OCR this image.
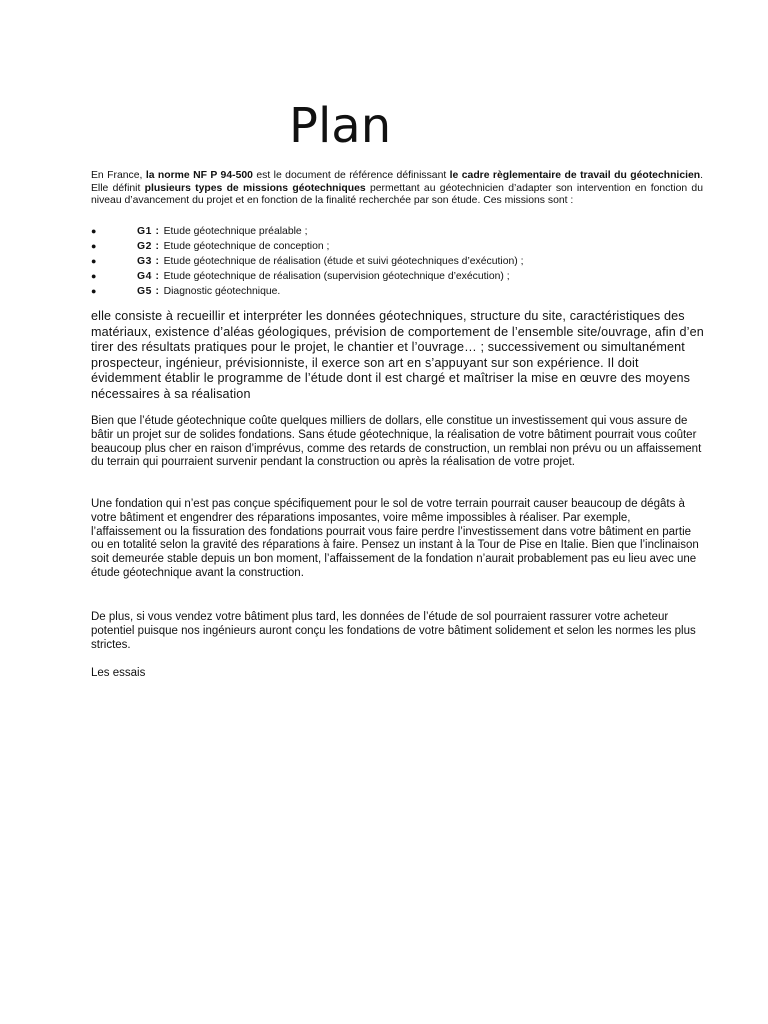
Plan
En France, la norme NF P 94-500 est le document de référence définissant le cadre règlementaire de travail du géotechnicien. Elle définit plusieurs types de missions géotechniques permettant au géotechnicien d’adapter son intervention en fonction du niveau d’avancement du projet et en fonction de la finalité recherchée par son étude. Ces missions sont :
●	G1 : Etude géotechnique préalable ;
●	G2 : Etude géotechnique de conception ;
●	G3 : Etude géotechnique de réalisation (étude et suivi géotechniques d’exécution) ;
●	G4 : Etude géotechnique de réalisation (supervision géotechnique d’exécution) ;
●	G5 : Diagnostic géotechnique.
elle consiste à recueillir et interpréter les données géotechniques, structure du site, caractéristiques des matériaux, existence d’aléas géologiques, prévision de comportement de l’ensemble site/ouvrage, afin d’en tirer des résultats pratiques pour le projet, le chantier et l’ouvrage… ; successivement ou simultanément prospecteur, ingénieur, prévisionniste, il exerce son art en s’appuyant sur son expérience. Il doit évidemment établir le programme de l’étude dont il est chargé et maîtriser la mise en œuvre des moyens nécessaires à sa réalisation
Bien que l’étude géotechnique coûte quelques milliers de dollars, elle constitue un investissement qui vous assure de bâtir un projet sur de solides fondations. Sans étude géotechnique, la réalisation de votre bâtiment pourrait vous coûter beaucoup plus cher en raison d’imprévus, comme des retards de construction, un remblai non prévu ou un affaissement du terrain qui pourraient survenir pendant la construction ou après la réalisation de votre projet.
Une fondation qui n’est pas conçue spécifiquement pour le sol de votre terrain pourrait causer beaucoup de dégâts à votre bâtiment et engendrer des réparations imposantes, voire même impossibles à réaliser. Par exemple, l’affaissement ou la fissuration des fondations pourrait vous faire perdre l’investissement dans votre bâtiment en partie ou en totalité selon la gravité des réparations à faire. Pensez un instant à la Tour de Pise en Italie. Bien que l’inclinaison soit demeurée stable depuis un bon moment, l’affaissement de la fondation n’aurait probablement pas eu lieu avec une étude géotechnique avant la construction.
De plus, si vous vendez votre bâtiment plus tard, les données de l’étude de sol pourraient rassurer votre acheteur potentiel puisque nos ingénieurs auront conçu les fondations de votre bâtiment solidement et selon les normes les plus strictes.
Les essais
